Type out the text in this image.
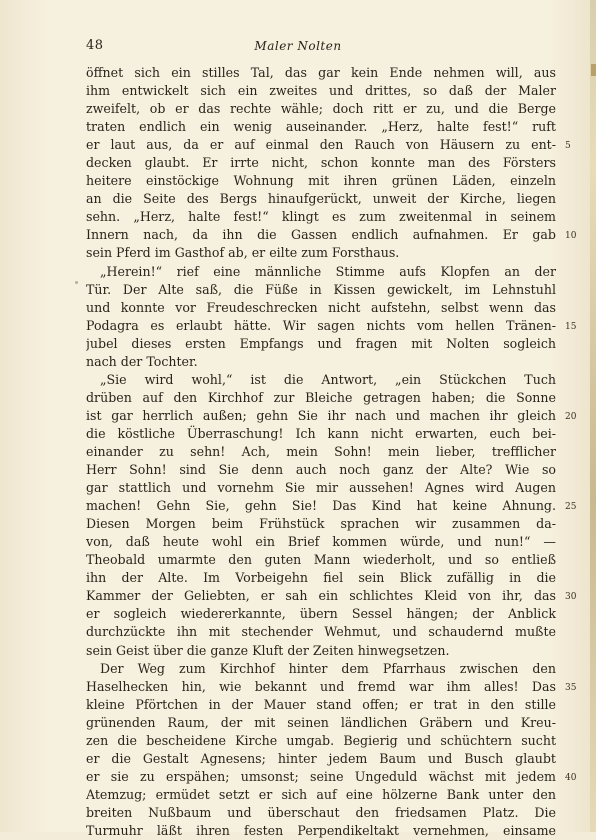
48	Maler Nolten
öffnet sich ein stilles Tal, das gar kein Ende nehmen will, aus
ihm entwickelt sich ein zweites und drittes, so daß der Maler
zweifelt, ob er das rechte wähle; doch ritt er zu, und die Berge
traten endlich ein wenig auseinander. „Herz, halte fest!“ ruft
er laut aus, da er auf einmal den Rauch von Häusern zu ent-
decken glaubt. Er irrte nicht, schon konnte man des Försters
heitere einstöckige Wohnung mit ihren grünen Läden, einzeln
an die Seite des Bergs hinaufgerückt, unweit der Kirche, liegen
sehn. „Herz, halte fest!“ klingt es zum zweitenmal in seinem
Innern nach, da ihn die Gassen endlich aufnahmen. Er gab
sein Pferd im Gasthof ab, er eilte zum Forsthaus.
„Herein!“ rief eine männliche Stimme aufs Klopfen an der
Tür. Der Alte saß, die Füße in Kissen gewickelt, im Lehnstuhl
und konnte vor Freudeschrecken nicht aufstehn, selbst wenn das
Podagra es erlaubt hätte. Wir sagen nichts vom hellen Tränen-
jubel dieses ersten Empfangs und fragen mit Nolten sogleich
nach der Tochter.
„Sie wird wohl,“ ist die Antwort, „ein Stückchen Tuch
drüben auf den Kirchhof zur Bleiche getragen haben; die Sonne
ist gar herrlich außen; gehn Sie ihr nach und machen ihr gleich
die köstliche Überraschung! Ich kann nicht erwarten, euch bei-
einander zu sehn! Ach, mein Sohn! mein lieber, trefflicher
Herr Sohn! sind Sie denn auch noch ganz der Alte? Wie so
gar stattlich und vornehm Sie mir aussehen! Agnes wird Augen
machen! Gehn Sie, gehn Sie! Das Kind hat keine Ahnung.
Diesen Morgen beim Frühstück sprachen wir zusammen da-
von, daß heute wohl ein Brief kommen würde, und nun!“ —
Theobald umarmte den guten Mann wiederholt, und so entließ
ihn der Alte. Im Vorbeigehn fiel sein Blick zufällig in die
Kammer der Geliebten, er sah ein schlichtes Kleid von ihr, das
er sogleich wiedererkannte, übern Sessel hängen; der Anblick
durchzückte ihn mit stechender Wehmut, und schaudernd mußte
sein Geist über die ganze Kluft der Zeiten hinwegsetzen.
Der Weg zum Kirchhof hinter dem Pfarrhaus zwischen den
Haselhecken hin, wie bekannt und fremd war ihm alles! Das
kleine Pförtchen in der Mauer stand offen; er trat in den stille
grünenden Raum, der mit seinen ländlichen Gräbern und Kreu-
zen die bescheidene Kirche umgab. Begierig und schüchtern sucht
er die Gestalt Agnesens; hinter jedem Baum und Busch glaubt
er sie zu erspähen; umsonst; seine Ungeduld wächst mit jedem
Atemzug; ermüdet setzt er sich auf eine hölzerne Bank unter den
breiten Nußbaum und überschaut den friedsamen Platz. Die
Turmuhr läßt ihren festen Perpendikeltakt vernehmen, einsame
5
10
15
20
25
30
35
40
